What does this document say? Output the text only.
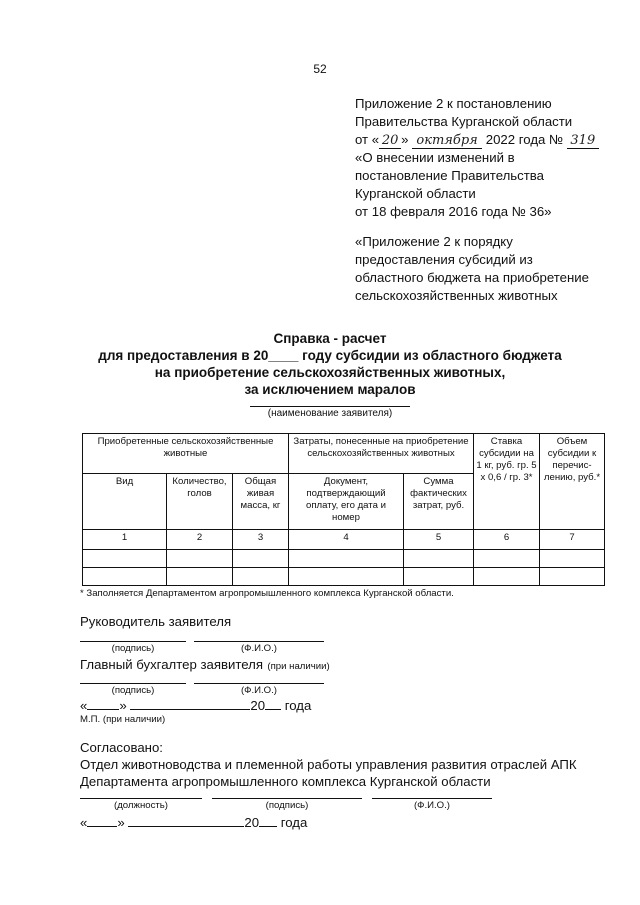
52
Приложение 2 к постановлению
Правительства Курганской области
от « 20 » октября 2022 года № 319
«О внесении изменений в
постановление Правительства
Курганской области
от 18 февраля 2016 года № 36»
«Приложение 2 к порядку
предоставления субсидий из
областного бюджета на приобретение
сельскохозяйственных животных
Справка - расчет
для предоставления в 20____ году субсидии из областного бюджета
на приобретение сельскохозяйственных животных,
за исключением маралов
(наименование заявителя)
Приобретенные сельскохозяйственные животные			Затраты, понесенные на приобретение сельскохозяйственных животных		Ставка субсидии на 1 кг, руб. гр. 5 х 0,6 / гр. 3*	Объем субсидии к перечис-лению, руб.*
Вид	Количество, голов	Общая живая масса, кг	Документ, подтверждающий оплату, его дата и номер	Сумма фактических затрат, руб.		
1	2	3	4	5	6	7

* Заполняется Департаментом агропромышленного комплекса Курганской области.
Руководитель заявителя
(подпись)	(Ф.И.О.)
Главный бухгалтер заявителя (при наличии)
(подпись)	(Ф.И.О.)
« »	20 года
М.П. (при наличии)
Согласовано:
Отдел животноводства и племенной работы управления развития отраслей АПК
Департамента агропромышленного комплекса Курганской области
(должность)	(подпись)	(Ф.И.О.)
« »	20 года
